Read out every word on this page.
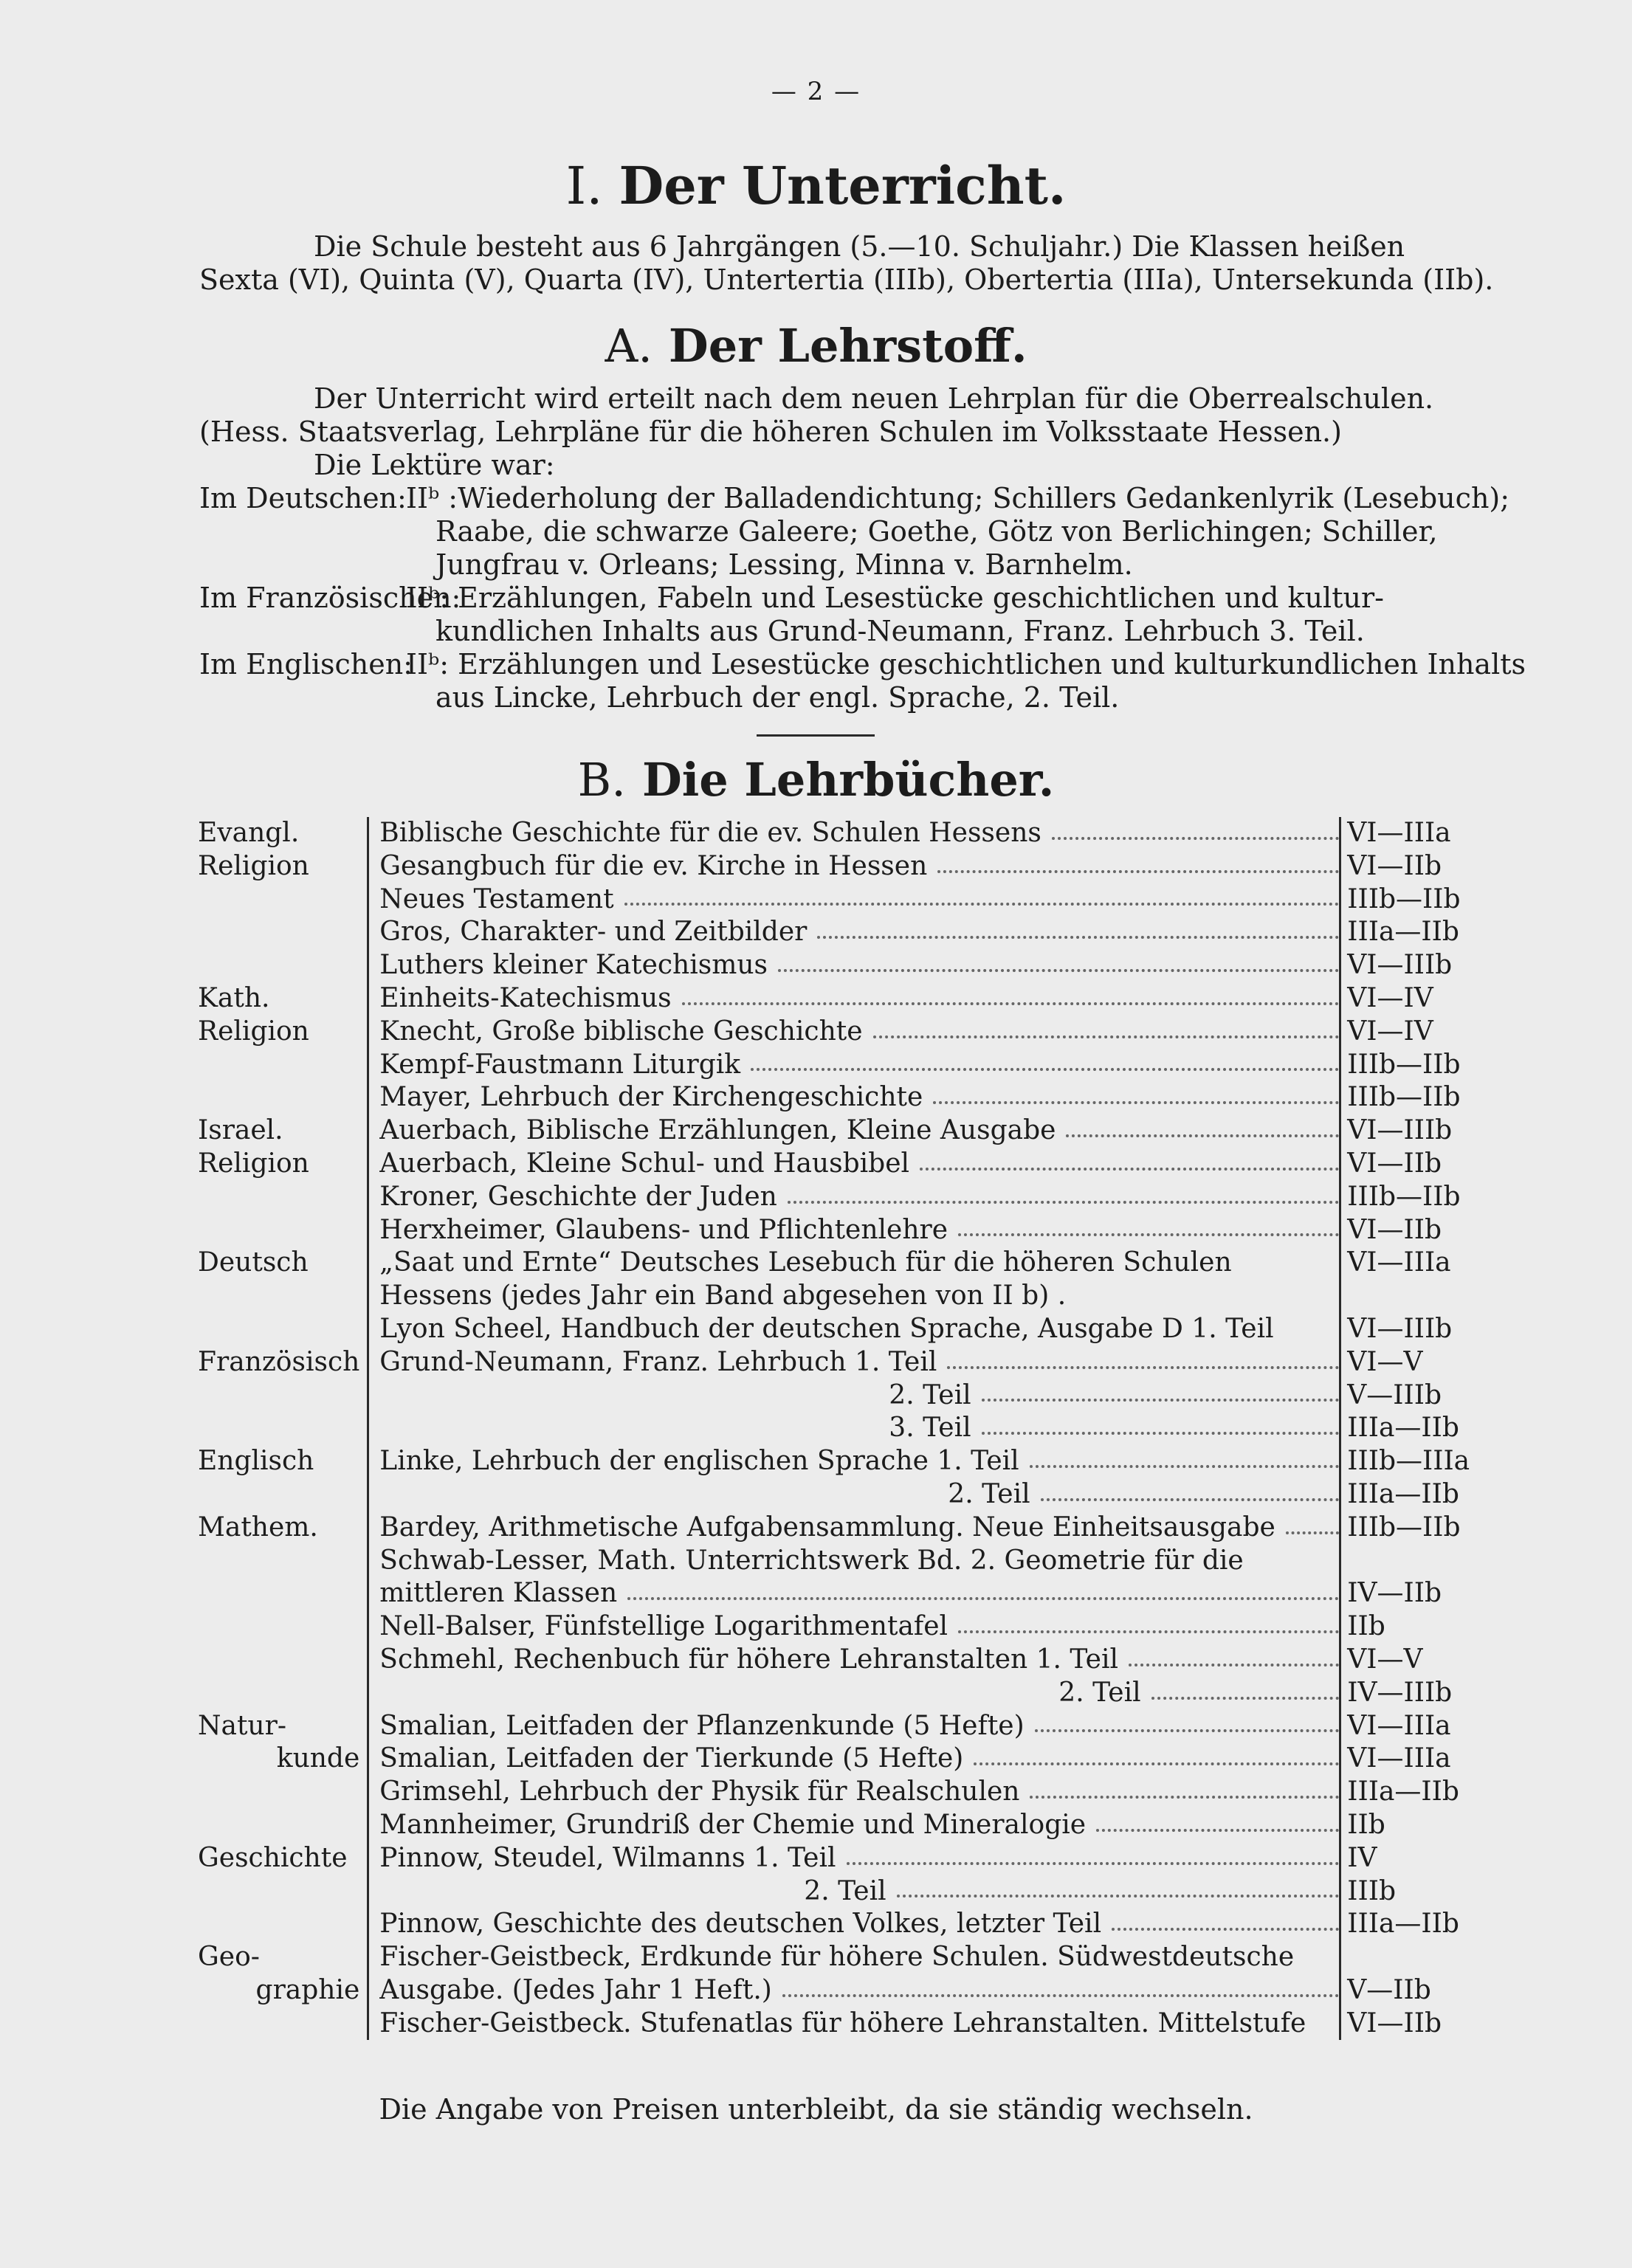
— 2 —
I. Der Unterricht.
Die Schule besteht aus 6 Jahrgängen (5.—10. Schuljahr.) Die Klassen heißen
Sexta (VI), Quinta (V), Quarta (IV), Untertertia (IIIb), Obertertia (IIIa), Untersekunda (IIb).
A. Der Lehrstoff.
Der Unterricht wird erteilt nach dem neuen Lehrplan für die Oberrealschulen.
(Hess. Staatsverlag, Lehrpläne für die höheren Schulen im Volksstaate Hessen.)
Die Lektüre war:
Im Deutschen:IIᵇ :Wiederholung der Balladendichtung; Schillers Gedankenlyrik (Lesebuch);
Raabe, die schwarze Galeere; Goethe, Götz von Berlichingen; Schiller,
Jungfrau v. Orleans; Lessing, Minna v. Barnhelm.
Im Französischen:IIᵇ: Erzählungen, Fabeln und Lesestücke geschichtlichen und kultur-
kundlichen Inhalts aus Grund-Neumann, Franz. Lehrbuch 3. Teil.
Im Englischen:IIᵇ: Erzählungen und Lesestücke geschichtlichen und kulturkundlichen Inhalts
aus Lincke, Lehrbuch der engl. Sprache, 2. Teil.
B. Die Lehrbücher.
Evangl.	Biblische Geschichte für die ev. Schulen Hessens	VI—IIIa
Religion	Gesangbuch für die ev. Kirche in Hessen	VI—IIb

	Neues Testament	IIIb—IIb

	Gros, Charakter- und Zeitbilder	IIIa—IIb

	Luthers kleiner Katechismus	VI—IIIb
Kath.	Einheits-Katechismus	VI—IV
Religion	Knecht, Große biblische Geschichte	VI—IV

	Kempf-Faustmann Liturgik	IIIb—IIb

	Mayer, Lehrbuch der Kirchengeschichte	IIIb—IIb
Israel.	Auerbach, Biblische Erzählungen, Kleine Ausgabe	VI—IIIb
Religion	Auerbach, Kleine Schul- und Hausbibel	VI—IIb

	Kroner, Geschichte der Juden	IIIb—IIb

	Herxheimer, Glaubens- und Pflichtenlehre	VI—IIb
Deutsch	„Saat und Ernte“ Deutsches Lesebuch für die höheren Schulen	VI—IIIa

	Hessens (jedes Jahr ein Band abgesehen von II b) .	

	Lyon Scheel, Handbuch der deutschen Sprache, Ausgabe D 1. Teil	VI—IIIb
Französisch	Grund-Neumann, Franz. Lehrbuch 1. Teil	VI—V

	2. Teil	V—IIIb

	3. Teil	IIIa—IIb
Englisch	Linke, Lehrbuch der englischen Sprache 1. Teil	IIIb—IIIa

	2. Teil	IIIa—IIb
Mathem.	Bardey, Arithmetische Aufgabensammlung. Neue Einheitsausgabe	IIIb—IIb

	Schwab-Lesser, Math. Unterrichtswerk Bd. 2. Geometrie für die	

	mittleren Klassen	IV—IIb

	Nell-Balser, Fünfstellige Logarithmentafel	IIb

	Schmehl, Rechenbuch für höhere Lehranstalten 1. Teil	VI—V

	2. Teil	IV—IIIb
Natur-	Smalian, Leitfaden der Pflanzenkunde (5 Hefte)	VI—IIIa
kunde	Smalian, Leitfaden der Tierkunde (5 Hefte)	VI—IIIa

	Grimsehl, Lehrbuch der Physik für Realschulen	IIIa—IIb

	Mannheimer, Grundriß der Chemie und Mineralogie	IIb
Geschichte	Pinnow, Steudel, Wilmanns 1. Teil	IV

	2. Teil	IIIb

	Pinnow, Geschichte des deutschen Volkes, letzter Teil	IIIa—IIb
Geo-	Fischer-Geistbeck, Erdkunde für höhere Schulen. Südwestdeutsche	

graphie	Ausgabe. (Jedes Jahr 1 Heft.)	V—IIb

	Fischer-Geistbeck. Stufenatlas für höhere Lehranstalten. Mittelstufe	VI—IIb
Die Angabe von Preisen unterbleibt, da sie ständig wechseln.
